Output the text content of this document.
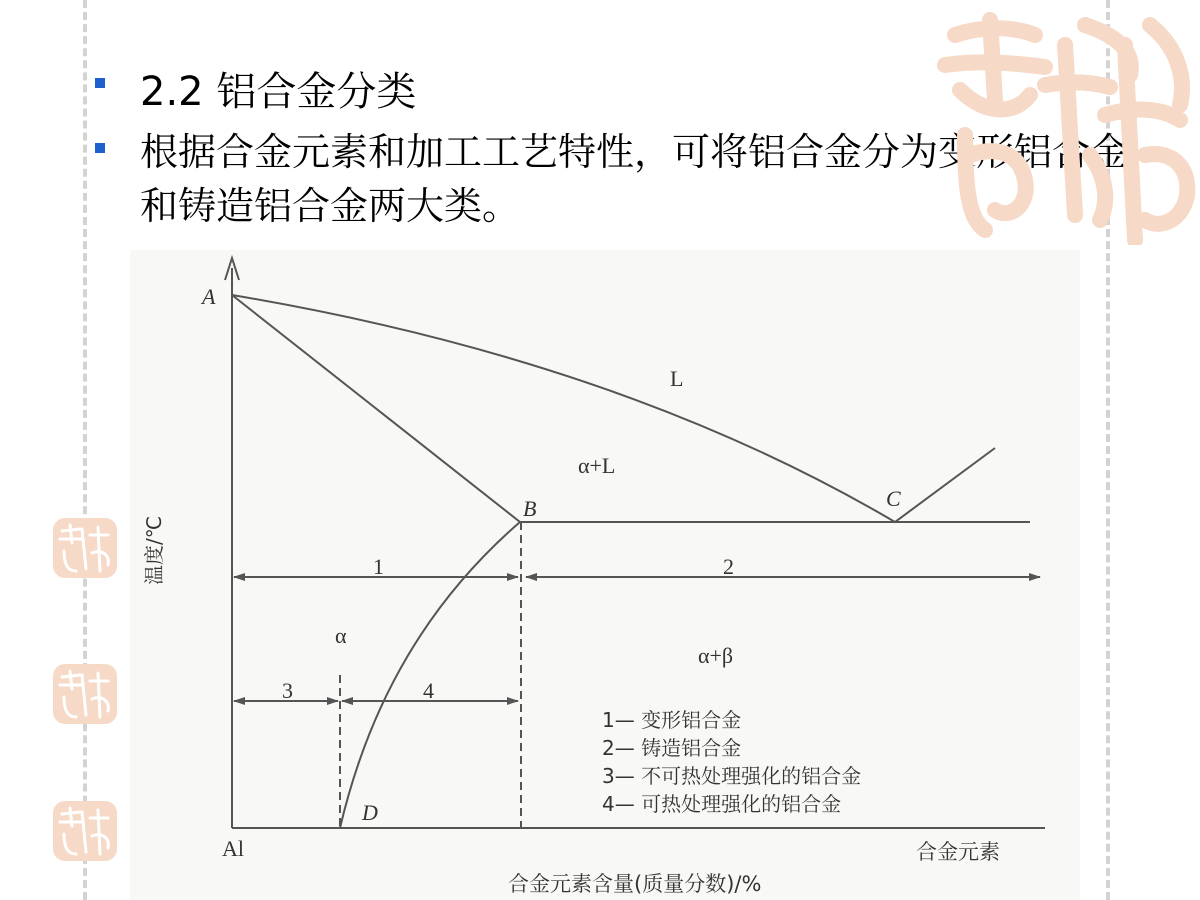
2.2 铝合金分类
根据合金元素和加工工艺特性，可将铝合金分为变形铝合金和铸造铝合金两大类。
A
B	C
D
L
α+L
α
α+β
1	2
3	4
温度/℃
Al	合金元素
合金元素含量(质量分数)/%
1— 变形铝合金
2— 铸造铝合金
3— 不可热处理强化的铝合金
4— 可热处理强化的铝合金
